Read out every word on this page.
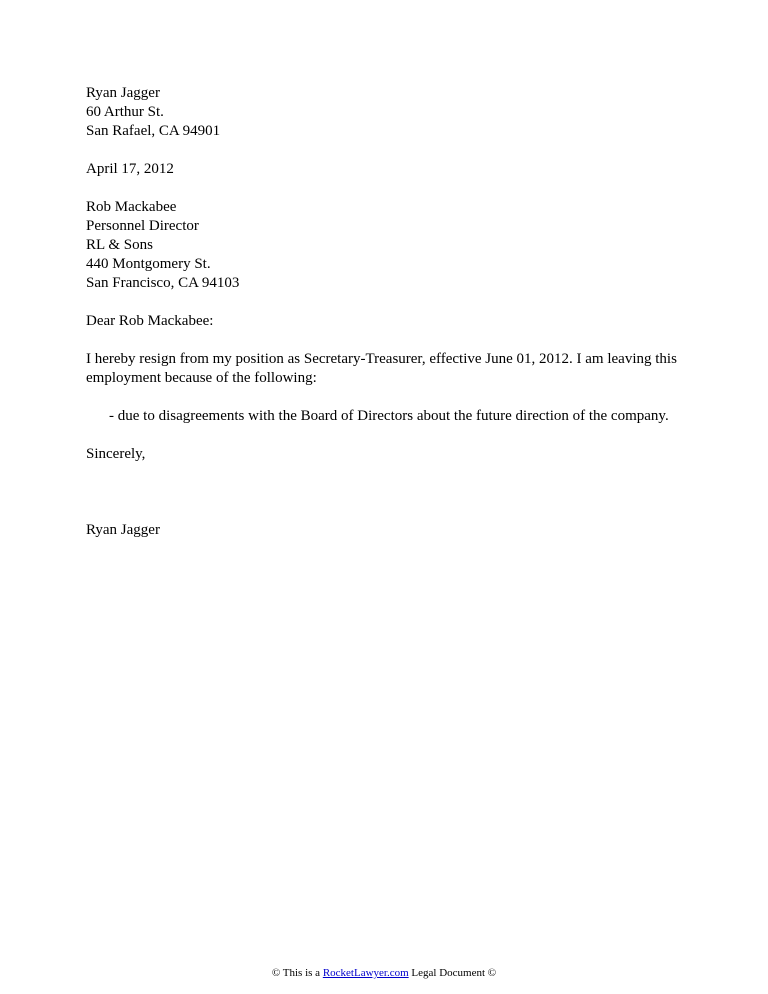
Ryan Jagger
60 Arthur St.
San Rafael, CA 94901
April 17, 2012
Rob Mackabee
Personnel Director
RL & Sons
440 Montgomery St.
San Francisco, CA 94103
Dear Rob Mackabee:

I hereby resign from my position as Secretary-Treasurer, effective June 01, 2012. I am leaving this employment because of the following:

- due to disagreements with the Board of Directors about the future direction of the company.
Sincerely,
Ryan Jagger
© This is a RocketLawyer.com Legal Document ©
